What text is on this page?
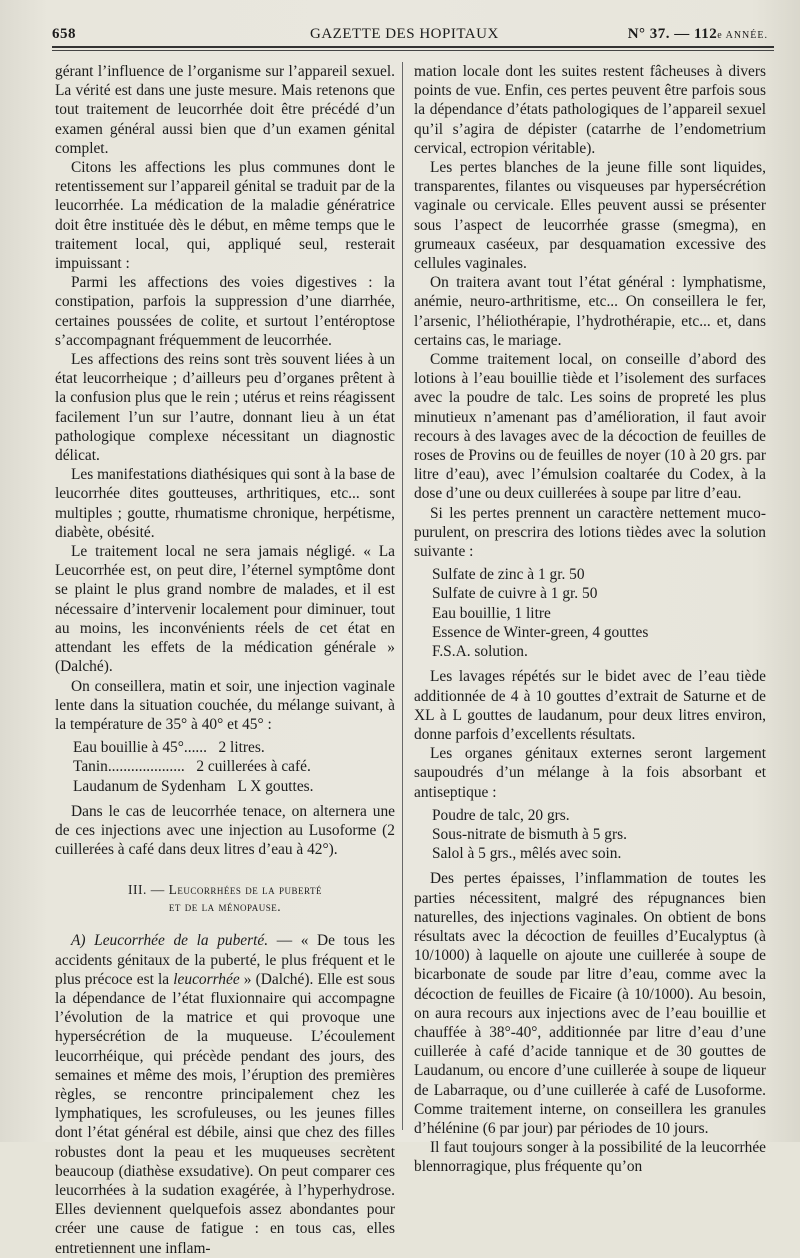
658	GAZETTE DES HOPITAUX	N° 37. — 112e ANNÉE.

gérant l’influence de l’organisme sur l’appareil sexuel. La vérité est dans une juste mesure. Mais retenons que tout traitement de leucorrhée doit être précédé d’un examen général aussi bien que d’un examen génital complet.

Citons les affections les plus communes dont le retentissement sur l’appareil génital se traduit par de la leucorrhée. La médication de la maladie génératrice doit être instituée dès le début, en même temps que le traitement local, qui, appliqué seul, resterait impuissant :

Parmi les affections des voies digestives : la constipation, parfois la suppression d’une diarrhée, certaines poussées de colite, et surtout l’entéroptose s’accompagnant fréquemment de leucorrhée.

Les affections des reins sont très souvent liées à un état leucorrheique ; d’ailleurs peu d’organes prêtent à la confusion plus que le rein ; utérus et reins réagissent facilement l’un sur l’autre, donnant lieu à un état pathologique complexe nécessitant un diagnostic délicat.

Les manifestations diathésiques qui sont à la base de leucorrhée dites goutteuses, arthritiques, etc... sont multiples ; goutte, rhumatisme chronique, herpétisme, diabète, obésité.

Le traitement local ne sera jamais négligé. « La Leucorrhée est, on peut dire, l’éternel symptôme dont se plaint le plus grand nombre de malades, et il est nécessaire d’intervenir localement pour diminuer, tout au moins, les inconvénients réels de cet état en attendant les effets de la médication générale » (Dalché).

On conseillera, matin et soir, une injection vaginale lente dans la situation couchée, du mélange suivant, à la température de 35° à 40° et 45° :

Eau bouillie à 45°......   2 litres.
Tanin....................   2 cuillerées à café.
Laudanum de Sydenham   L X gouttes.

Dans le cas de leucorrhée tenace, on alternera une de ces injections avec une injection au Lusoforme (2 cuillerées à café dans deux litres d’eau à 42°).

III. — Leucorrhées de la puberté
et de la ménopause.

A) Leucorrhée de la puberté. — « De tous les accidents génitaux de la puberté, le plus fréquent et le plus précoce est la leucorrhée » (Dalché). Elle est sous la dépendance de l’état fluxionnaire qui accompagne l’évolution de la matrice et qui provoque une hypersécrétion de la muqueuse. L’écoulement leucorrhéique, qui précède pendant des jours, des semaines et même des mois, l’éruption des premières règles, se rencontre principalement chez les lymphatiques, les scrofuleuses, ou les jeunes filles dont l’état général est débile, ainsi que chez des filles robustes dont la peau et les muqueuses secrètent beaucoup (diathèse exsudative). On peut comparer ces leucorrhées à la sudation exagérée, à l’hyperhydrose. Elles deviennent quelquefois assez abondantes pour créer une cause de fatigue : en tous cas, elles entretiennent une inflam-

mation locale dont les suites restent fâcheuses à divers points de vue. Enfin, ces pertes peuvent être parfois sous la dépendance d’états pathologiques de l’appareil sexuel qu’il s’agira de dépister (catarrhe de l’endometrium cervical, ectropion véritable).

Les pertes blanches de la jeune fille sont liquides, transparentes, filantes ou visqueuses par hypersécrétion vaginale ou cervicale. Elles peuvent aussi se présenter sous l’aspect de leucorrhée grasse (smegma), en grumeaux caséeux, par desquamation excessive des cellules vaginales.

On traitera avant tout l’état général : lymphatisme, anémie, neuro-arthritisme, etc... On conseillera le fer, l’arsenic, l’héliothérapie, l’hydrothérapie, etc... et, dans certains cas, le mariage.

Comme traitement local, on conseille d’abord des lotions à l’eau bouillie tiède et l’isolement des surfaces avec la poudre de talc. Les soins de propreté les plus minutieux n’amenant pas d’amélioration, il faut avoir recours à des lavages avec de la décoction de feuilles de roses de Provins ou de feuilles de noyer (10 à 20 grs. par litre d’eau), avec l’émulsion coaltarée du Codex, à la dose d’une ou deux cuillerées à soupe par litre d’eau.

Si les pertes prennent un caractère nettement muco-purulent, on prescrira des lotions tièdes avec la solution suivante :

Sulfate de zinc à 1 gr. 50
Sulfate de cuivre à 1 gr. 50
Eau bouillie, 1 litre
Essence de Winter-green, 4 gouttes
F.S.A. solution.

Les lavages répétés sur le bidet avec de l’eau tiède additionnée de 4 à 10 gouttes d’extrait de Saturne et de XL à L gouttes de laudanum, pour deux litres environ, donne parfois d’excellents résultats.

Les organes génitaux externes seront largement saupoudrés d’un mélange à la fois absorbant et antiseptique :

Poudre de talc, 20 grs.
Sous-nitrate de bismuth à 5 grs.
Salol à 5 grs., mêlés avec soin.

Des pertes épaisses, l’inflammation de toutes les parties nécessitent, malgré des répugnances bien naturelles, des injections vaginales. On obtient de bons résultats avec la décoction de feuilles d’Eucalyptus (à 10/1000) à laquelle on ajoute une cuillerée à soupe de bicarbonate de soude par litre d’eau, comme avec la décoction de feuilles de Ficaire (à 10/1000). Au besoin, on aura recours aux injections avec de l’eau bouillie et chauffée à 38°-40°, additionnée par litre d’eau d’une cuillerée à café d’acide tannique et de 30 gouttes de Laudanum, ou encore d’une cuillerée à soupe de liqueur de Labarraque, ou d’une cuillerée à café de Lusoforme. Comme traitement interne, on conseillera les granules d’hélénine (6 par jour) par périodes de 10 jours.

Il faut toujours songer à la possibilité de la leucorrhée blennorragique, plus fréquente qu’on
